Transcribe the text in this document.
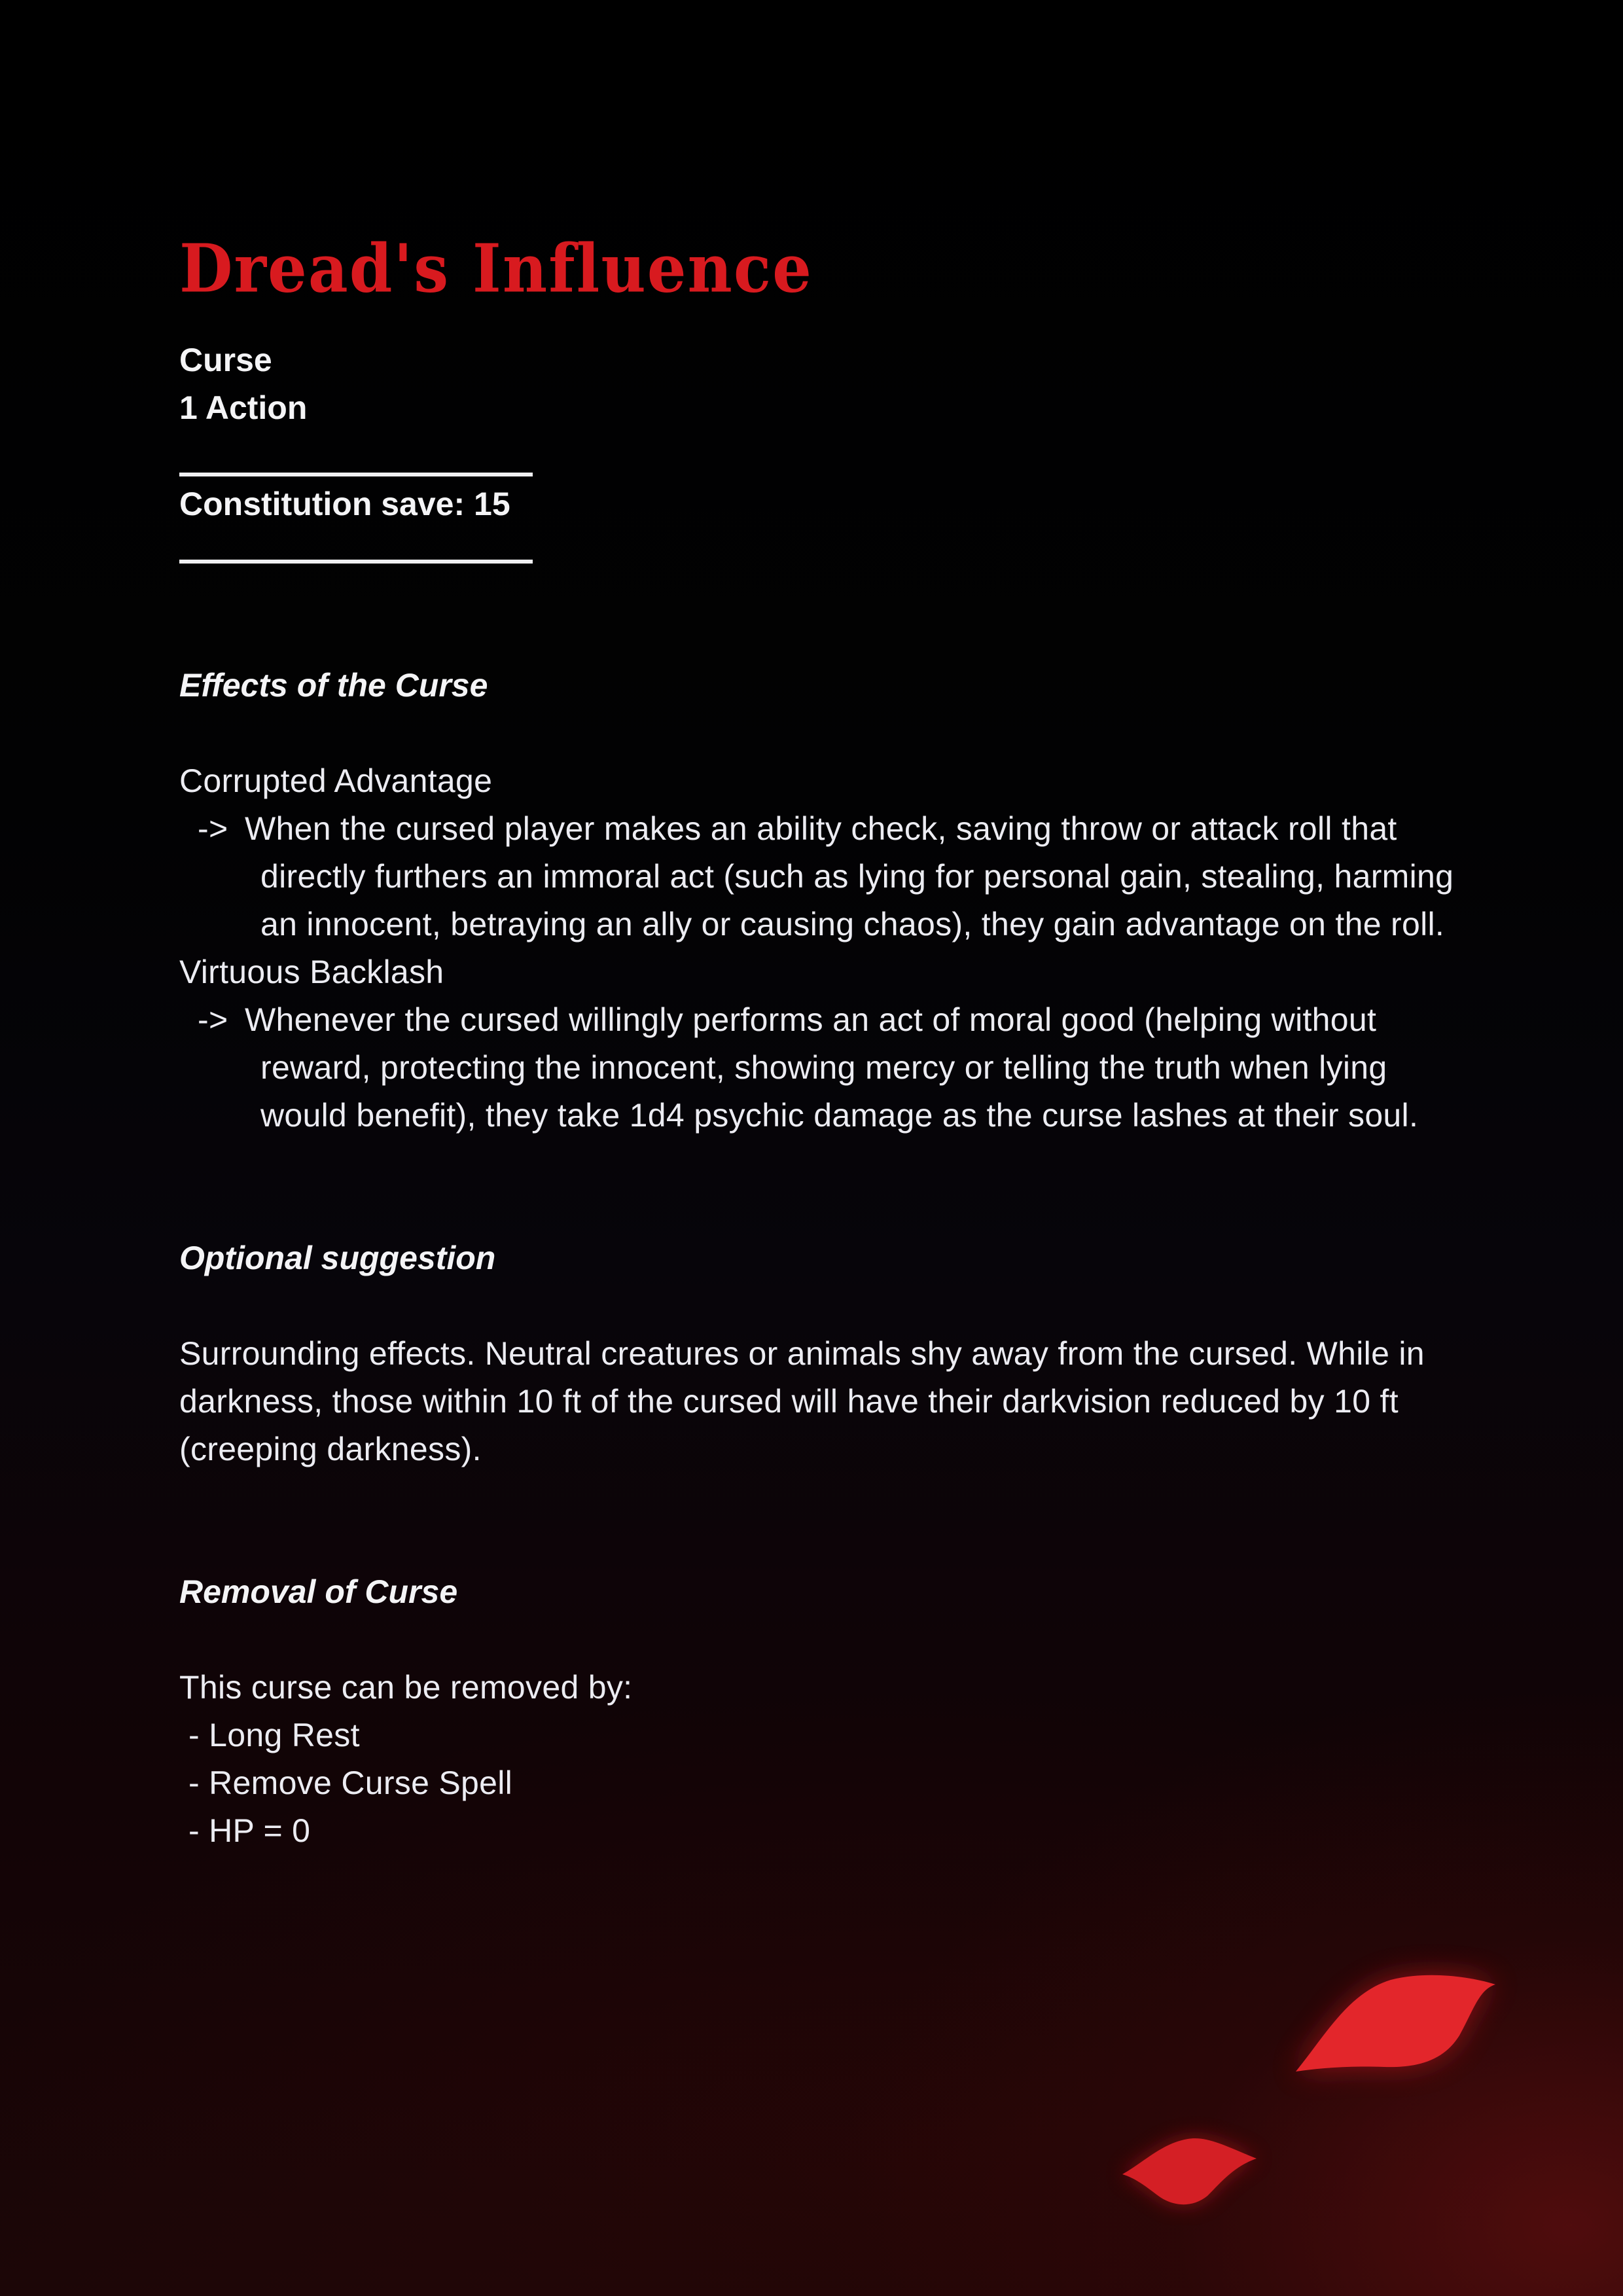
Dread's Influence
Curse
1 Action
Constitution save: 15
Effects of the Curse
Corrupted Advantage
-> When the cursed player makes an ability check, saving throw or attack roll that directly furthers an immoral act (such as lying for personal gain, stealing, harming an innocent, betraying an ally or causing chaos), they gain advantage on the roll.
Virtuous Backlash
-> Whenever the cursed willingly performs an act of moral good (helping without reward, protecting the innocent, showing mercy or telling the truth when lying would benefit), they take 1d4 psychic damage as the curse lashes at their soul.
Optional suggestion
Surrounding effects. Neutral creatures or animals shy away from the cursed. While in darkness, those within 10 ft of the cursed will have their darkvision reduced by 10 ft (creeping darkness).
Removal of Curse
This curse can be removed by:
- Long Rest
- Remove Curse Spell
- HP = 0
